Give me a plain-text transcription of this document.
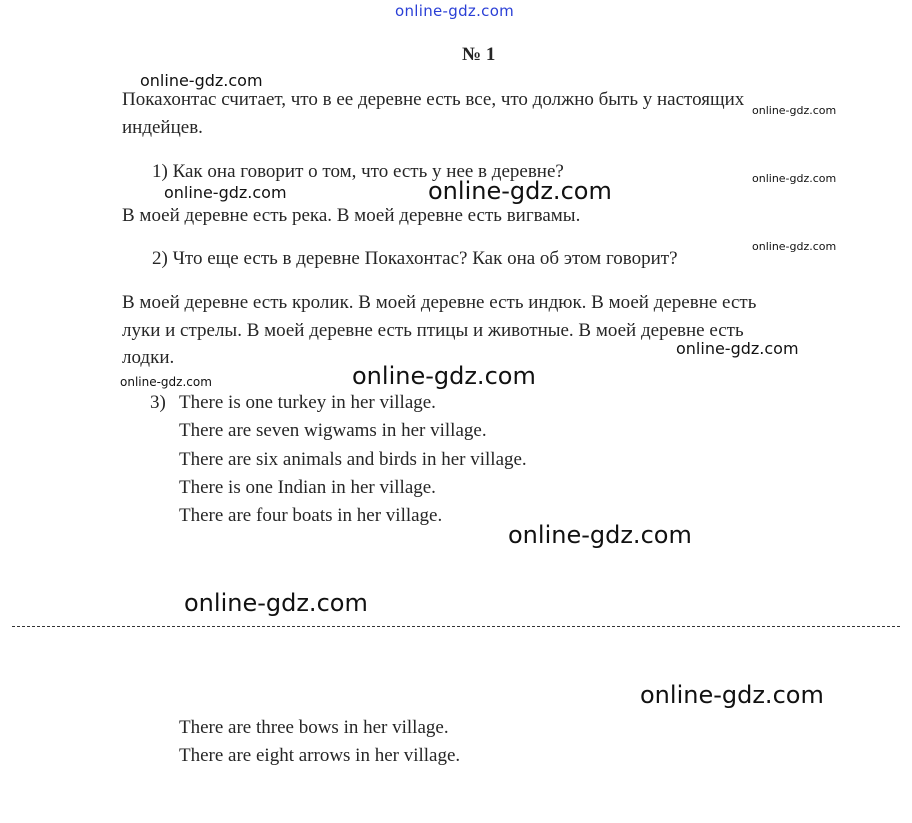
online-gdz.com
№ 1
Покахонтас считает, что в ее деревне есть все, что должно быть у настоящих
индейцев.
1) Как она говорит о том, что есть у нее в деревне?
В моей деревне есть река. В моей деревне есть вигвамы.
2) Что еще есть в деревне Покахонтас? Как она об этом говорит?
В моей деревне есть кролик. В моей деревне есть индюк. В моей деревне есть
луки и стрелы. В моей деревне есть птицы и животные. В моей деревне есть
лодки.
3) There is one turkey in her village.
There are seven wigwams in her village.
There are six animals and birds in her village.
There is one Indian in her village.
There are four boats in her village.
There are three bows in her village.
There are eight arrows in her village.
online-gdz.com
online-gdz.com
online-gdz.com
online-gdz.com	online-gdz.com
online-gdz.com
online-gdz.com
online-gdz.com
online-gdz.com
online-gdz.com
online-gdz.com
online-gdz.com
